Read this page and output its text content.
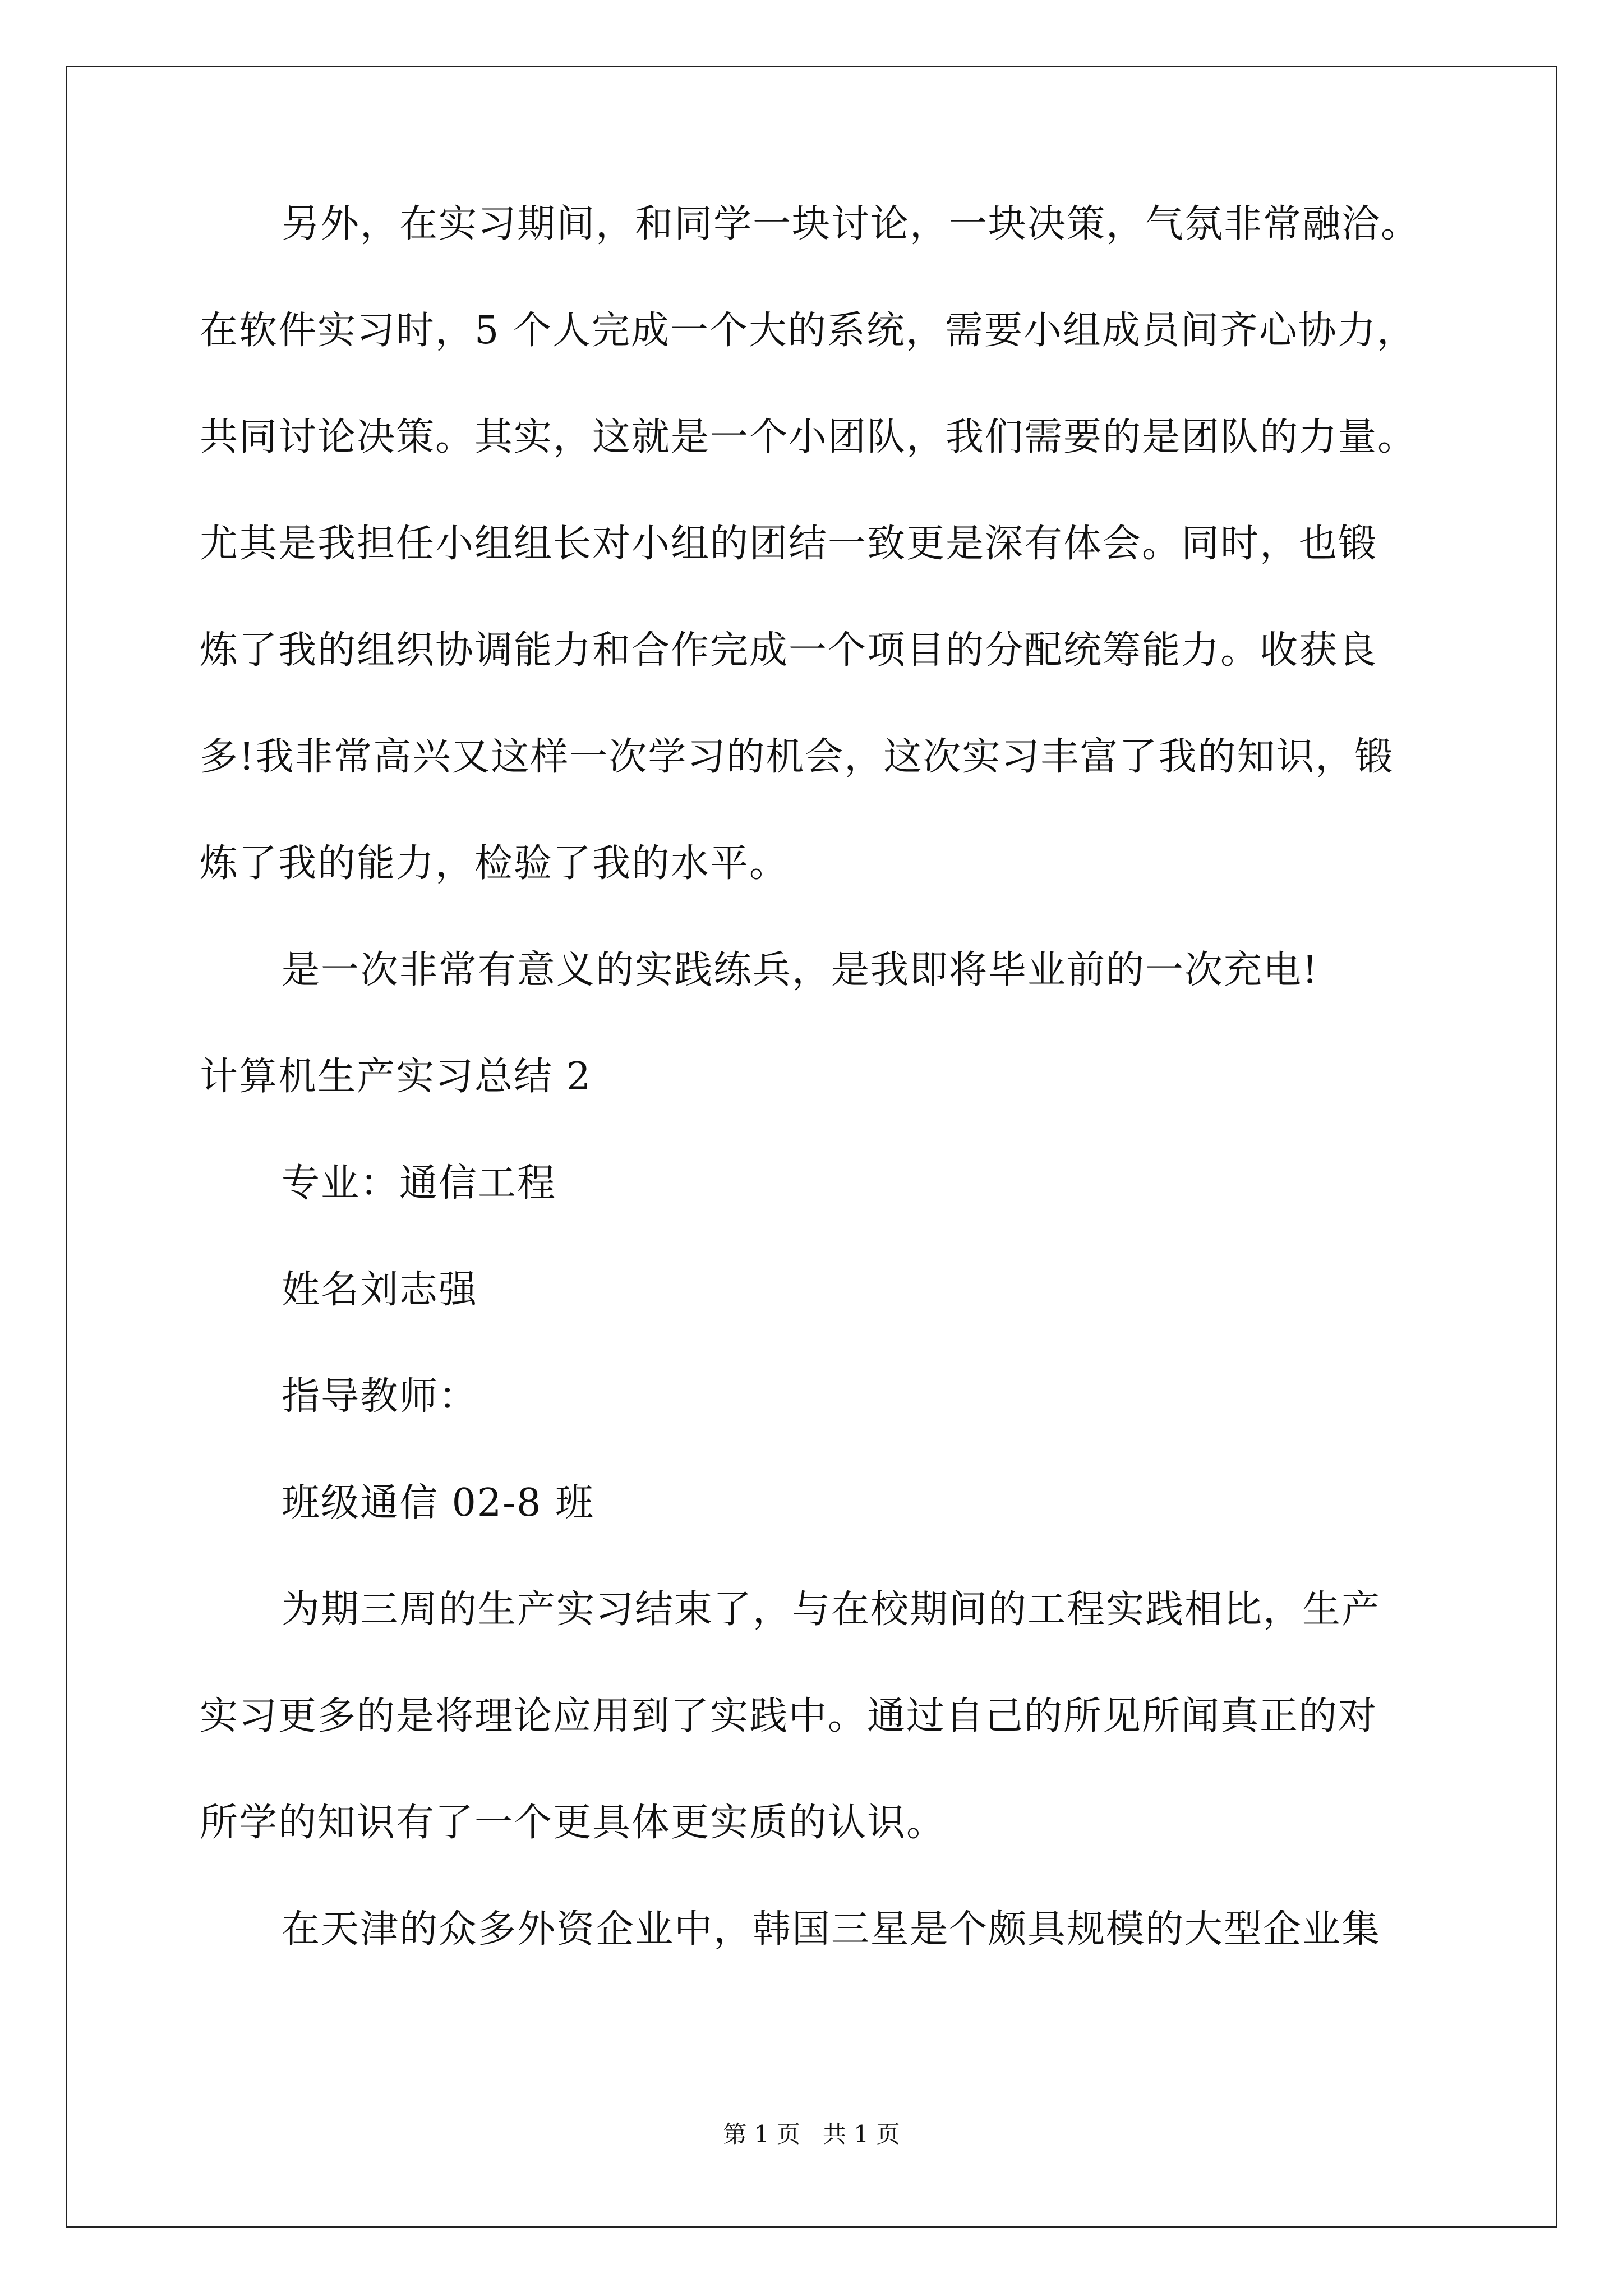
另外，在实习期间，和同学一块讨论，一块决策，气氛非常融洽。
在软件实习时，5 个人完成一个大的系统，需要小组成员间齐心协力，
共同讨论决策。其实，这就是一个小团队，我们需要的是团队的力量。
尤其是我担任小组组长对小组的团结一致更是深有体会。同时，也锻
炼了我的组织协调能力和合作完成一个项目的分配统筹能力。收获良
多!我非常高兴又这样一次学习的机会，这次实习丰富了我的知识，锻
炼了我的能力，检验了我的水平。
是一次非常有意义的实践练兵，是我即将毕业前的一次充电!
计算机生产实习总结 2
专业：通信工程
姓名刘志强
指导教师：
班级通信 02-8 班
为期三周的生产实习结束了，与在校期间的工程实践相比，生产
实习更多的是将理论应用到了实践中。通过自己的所见所闻真正的对
所学的知识有了一个更具体更实质的认识。
在天津的众多外资企业中，韩国三星是个颇具规模的大型企业集
第 1 页   共 1 页
